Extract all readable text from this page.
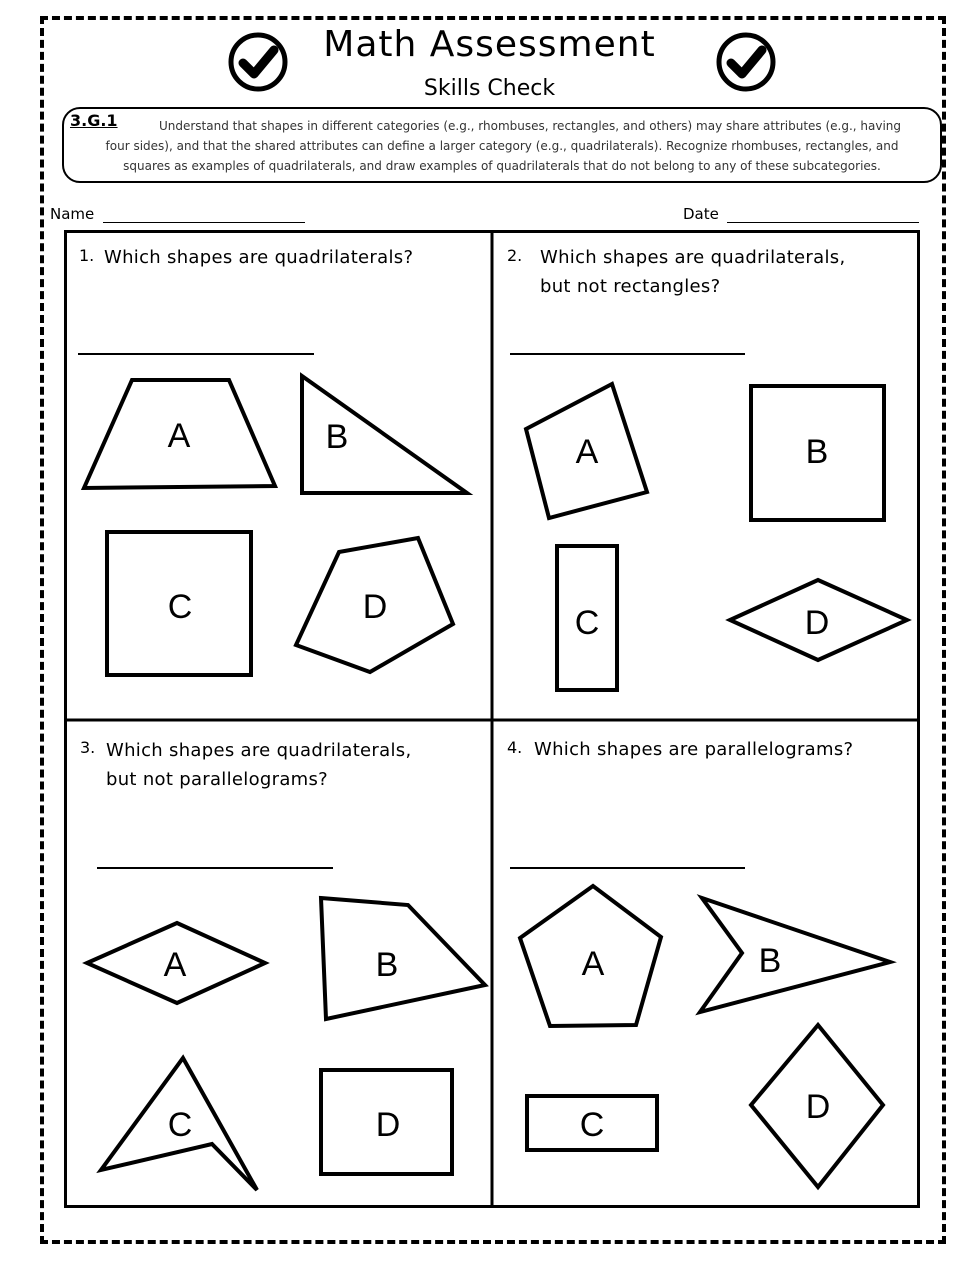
Math Assessment
Skills Check
3.G.1	Understand that shapes in different categories (e.g., rhombuses, rectangles, and others) may share attributes (e.g., having
four sides), and that the shared attributes can define a larger category (e.g., quadrilaterals). Recognize rhombuses, rectangles, and
squares as examples of quadrilaterals, and draw examples of quadrilaterals that do not belong to any of these subcategories.
Name	Date
1. Which shapes are quadrilaterals?	2. Which shapes are quadrilaterals,
but not rectangles?
3. Which shapes are quadrilaterals,
but not parallelograms?
4. Which shapes are parallelograms?
A	B
C	D
A	B
C	D
A	B
C	D
A	B
C	D
